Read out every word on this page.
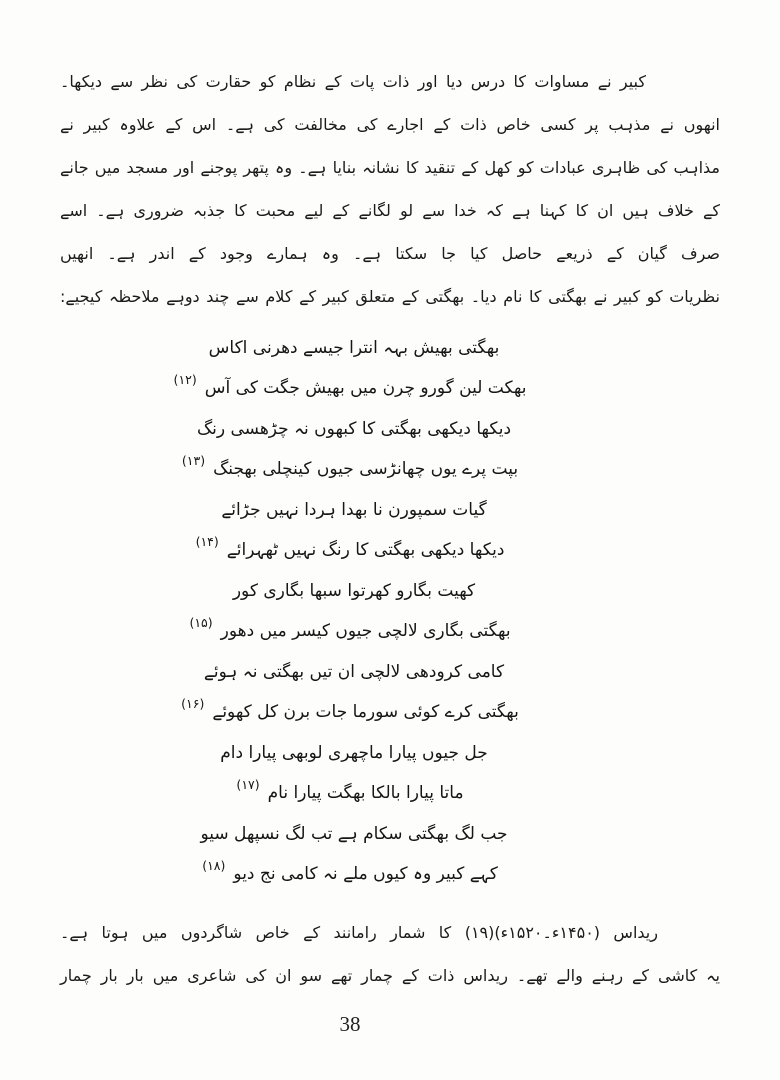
کبیر نے مساوات کا درس دیا اور ذات پات کے نظام کو حقارت کی نظر سے دیکھا۔
انھوں نے مذہب پر کسی خاص ذات کے اجارے کی مخالفت کی ہے۔ اس کے علاوہ کبیر نے
مذاہب کی ظاہری عبادات کو کھل کے تنقید کا نشانہ بنایا ہے۔ وہ پتھر پوجنے اور مسجد میں جانے
کے خلاف ہیں ان کا کہنا ہے کہ خدا سے لو لگانے کے لیے محبت کا جذبہ ضروری ہے۔ اسے
صرف گیان کے ذریعے حاصل کیا جا سکتا ہے۔ وہ ہمارے وجود کے اندر ہے۔ انھیں
نظریات کو کبیر نے بھگتی کا نام دیا۔ بھگتی کے متعلق کبیر کے کلام سے چند دوہے ملاحظہ کیجیے:
بھگتی بھیش بہہ انترا جیسے دھرنی اکاس
بھکت لین گورو چرن میں بھیش جگت کی آس(۱۲)
دیکھا دیکھی بھگتی کا کبھوں نہ چڑھسی رنگ
بپت پرے یوں چھانڑسی جیوں کینچلی بھجنگ(۱۳)
گیات سمپورن نا بھدا ہردا نہیں جڑائے
دیکھا دیکھی بھگتی کا رنگ نہیں ٹھہرائے(۱۴)
کھیت بگارو کھرتوا سبھا بگاری کور
بھگتی بگاری لالچی جیوں کیسر میں دھور(۱۵)
کامی کرودھی لالچی ان تیں بھگتی نہ ہوئے
بھگتی کرے کوئی سورما جات برن کل کھوئے(۱۶)
جل جیوں پیارا ماچھری لوبھی پیارا دام
ماتا پیارا بالکا بھگت پیارا نام(۱۷)
جب لگ بھگتی سکام ہے تب لگ نسپھل سیو
کہے کبیر وہ کیوں ملے نہ کامی نج دیو(۱۸)
ریداس (۱۴۵۰ء۔۱۵۲۰ء)(۱۹) کا شمار رامانند کے خاص شاگردوں میں ہوتا ہے۔
یہ کاشی کے رہنے والے تھے۔ ریداس ذات کے چمار تھے سو ان کی شاعری میں بار بار چمار
38
